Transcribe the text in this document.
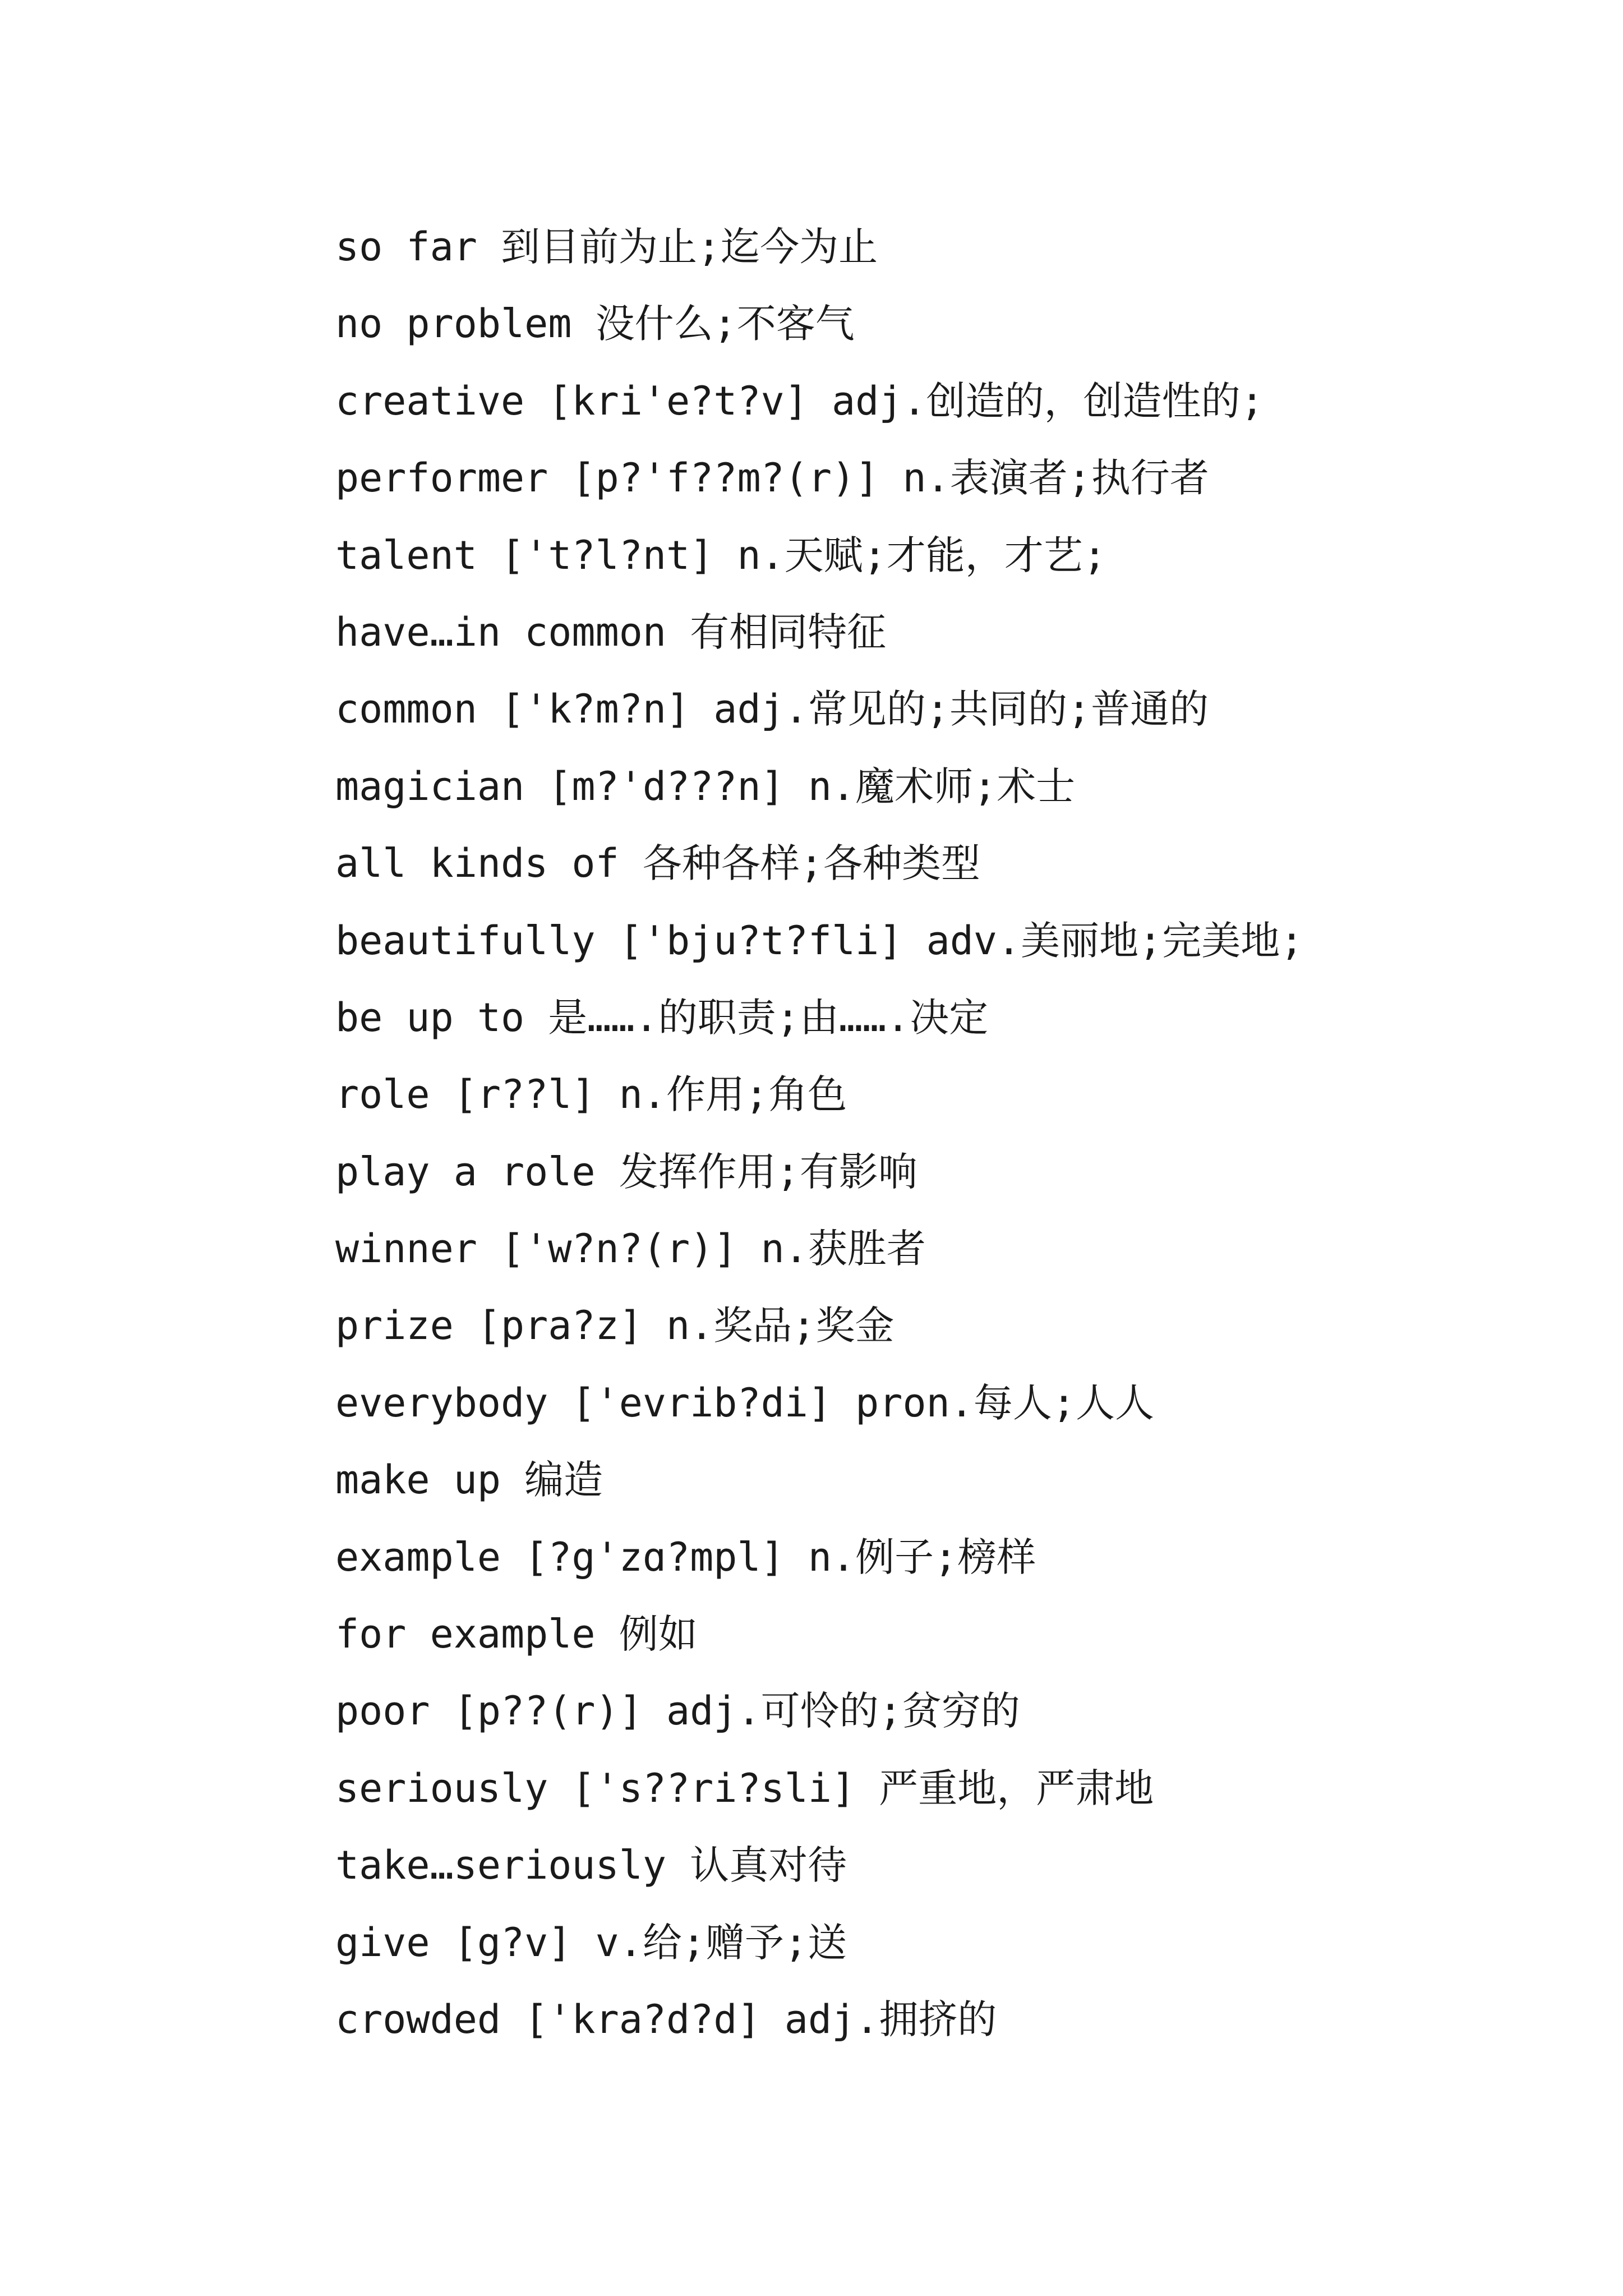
so far 到目前为止;迄今为止
no problem 没什么;不客气
creative [kri'e?t?v] adj.创造的，创造性的;
performer [p?'f??m?(r)] n.表演者;执行者
talent ['t?l?nt] n.天赋;才能，才艺;
have…in common 有相同特征
common ['k?m?n] adj.常见的;共同的;普通的
magician [m?'d???n] n.魔术师;术士
all kinds of 各种各样;各种类型
beautifully ['bju?t?fli] adv.美丽地;完美地;
be up to 是…….的职责;由…….决定
role [r??l] n.作用;角色
play a role 发挥作用;有影响
winner ['w?n?(r)] n.获胜者
prize [pra?z] n.奖品;奖金
everybody ['evrib?di] pron.每人;人人
make up 编造
example [?g'zɑ?mpl] n.例子;榜样
for example 例如
poor [p??(r)] adj.可怜的;贫穷的
seriously ['s??ri?sli] 严重地，严肃地
take…seriously 认真对待
give [g?v] v.给;赠予;送
crowded ['kra?d?d] adj.拥挤的
